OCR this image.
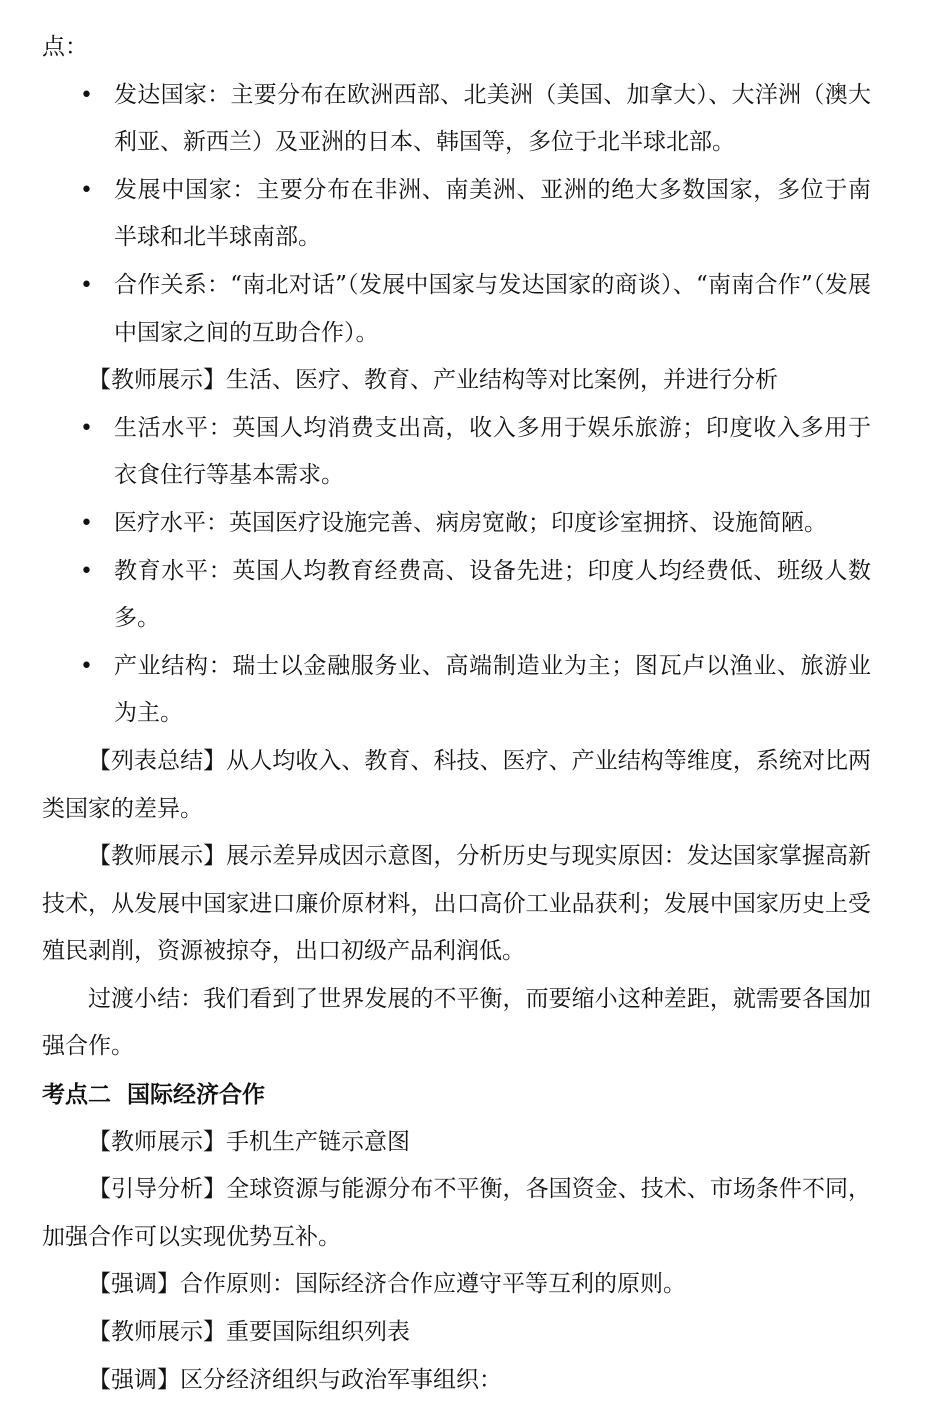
点：

• 发达国家：主要分布在欧洲西部、北美洲（美国、加拿大）、大洋洲（澳大利亚、新西兰）及亚洲的日本、韩国等，多位于北半球北部。
• 发展中国家：主要分布在非洲、南美洲、亚洲的绝大多数国家，多位于南半球和北半球南部。
• 合作关系：“南北对话”（发展中国家与发达国家的商谈）、“南南合作”（发展中国家之间的互助合作）。

【教师展示】生活、医疗、教育、产业结构等对比案例，并进行分析

• 生活水平：英国人均消费支出高，收入多用于娱乐旅游；印度收入多用于衣食住行等基本需求。
• 医疗水平：英国医疗设施完善、病房宽敞；印度诊室拥挤、设施简陋。
• 教育水平：英国人均教育经费高、设备先进；印度人均经费低、班级人数多。
• 产业结构：瑞士以金融服务业、高端制造业为主；图瓦卢以渔业、旅游业为主。

【列表总结】从人均收入、教育、科技、医疗、产业结构等维度，系统对比两类国家的差异。

【教师展示】展示差异成因示意图，分析历史与现实原因：发达国家掌握高新技术，从发展中国家进口廉价原材料，出口高价工业品获利；发展中国家历史上受殖民剥削，资源被掠夺，出口初级产品利润低。

过渡小结：我们看到了世界发展的不平衡，而要缩小这种差距，就需要各国加强合作。

考点二  国际经济合作

【教师展示】手机生产链示意图

【引导分析】全球资源与能源分布不平衡，各国资金、技术、市场条件不同，加强合作可以实现优势互补。

【强调】合作原则：国际经济合作应遵守平等互利的原则。

【教师展示】重要国际组织列表

【强调】区分经济组织与政治军事组织：
